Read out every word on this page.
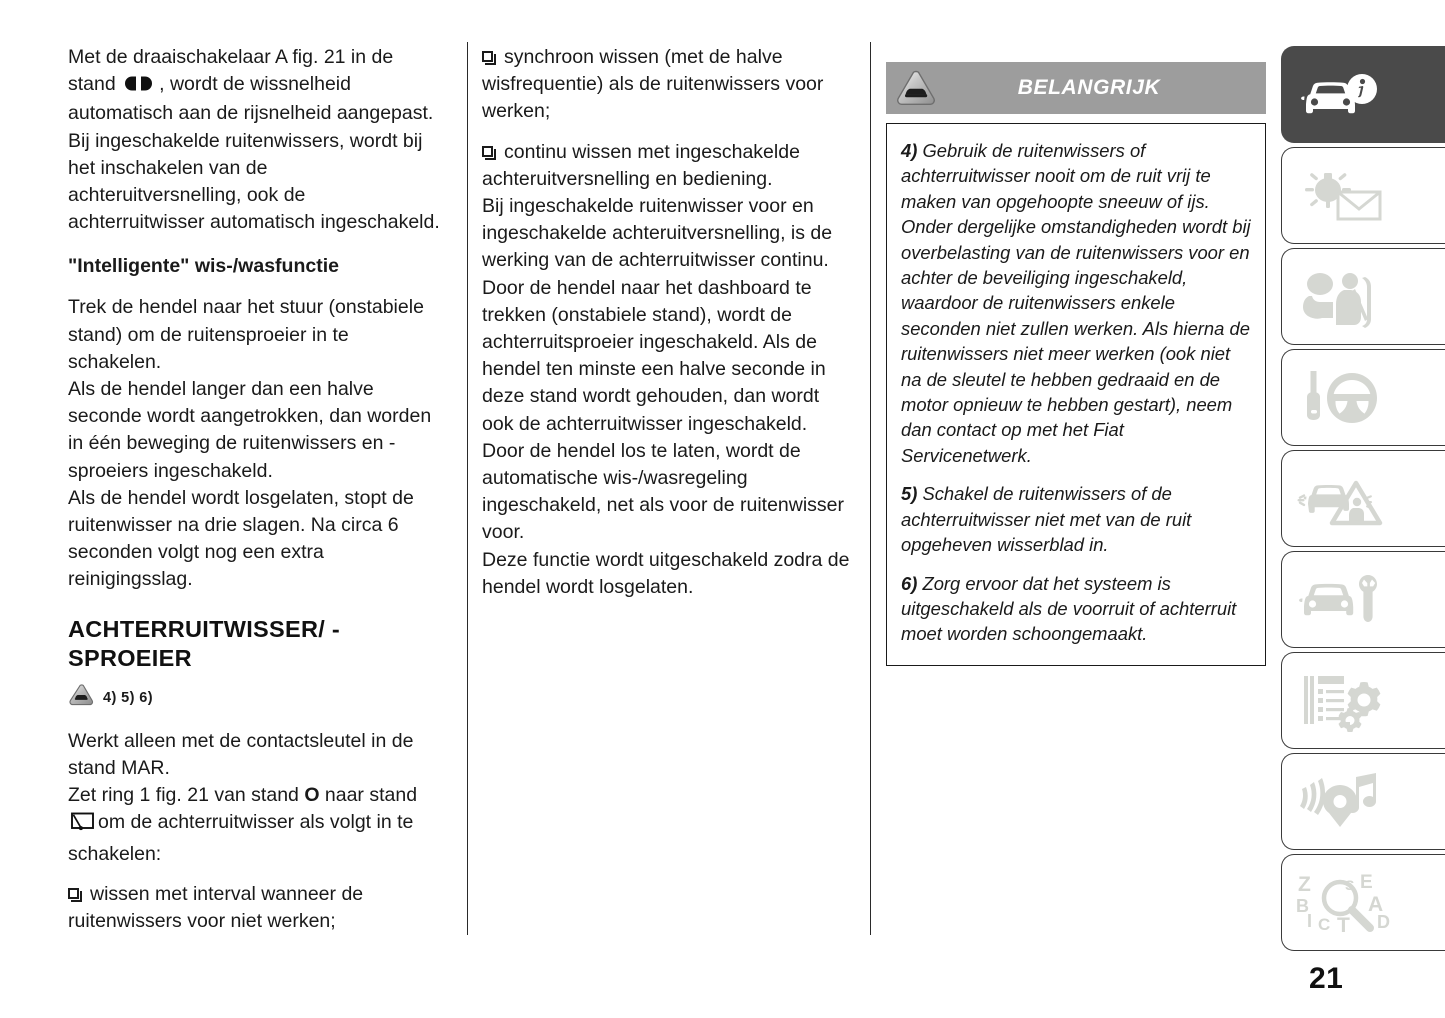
Met de draaischakelaar A fig. 21 in de stand , wordt de wissnelheid automatisch aan de rijsnelheid aangepast.

Bij ingeschakelde ruitenwissers, wordt bij het inschakelen van de achteruitversnelling, ook de achterruitwisser automatisch ingeschakeld.

"Intelligente" wis-/wasfunctie

Trek de hendel naar het stuur (onstabiele stand) om de ruitensproeier in te schakelen.

Als de hendel langer dan een halve seconde wordt aangetrokken, dan worden in één beweging de ruitenwissers en -sproeiers ingeschakeld.

Als de hendel wordt losgelaten, stopt de ruitenwisser na drie slagen. Na circa 6 seconden volgt nog een extra reinigingsslag.

ACHTERRUITWISSER/ -SPROEIER
4) 5) 6)

Werkt alleen met de contactsleutel in de stand MAR.

Zet ring 1 fig. 21 van stand O naar stand om de achterruitwisser als volgt in te schakelen:

wissen met interval wanneer de ruitenwissers voor niet werken;
synchroon wissen (met de halve wisfrequentie) als de ruitenwissers voor werken;
continu wissen met ingeschakelde achteruitversnelling en bediening.

Bij ingeschakelde ruitenwisser voor en ingeschakelde achteruitversnelling, is de werking van de achterruitwisser continu.

Door de hendel naar het dashboard te trekken (onstabiele stand), wordt de achterruitsproeier ingeschakeld. Als de hendel ten minste een halve seconde in deze stand wordt gehouden, dan wordt ook de achterruitwisser ingeschakeld. Door de hendel los te laten, wordt de automatische wis-/wasregeling ingeschakeld, net als voor de ruitenwisser voor.

Deze functie wordt uitgeschakeld zodra de hendel wordt losgelaten.

BELANGRIJK

4) Gebruik de ruitenwissers of achterruitwisser nooit om de ruit vrij te maken van opgehoopte sneeuw of ijs. Onder dergelijke omstandigheden wordt bij overbelasting van de ruitenwissers voor en achter de beveiliging ingeschakeld, waardoor de ruitenwissers enkele seconden niet zullen werken. Als hierna de ruitenwissers niet meer werken (ook niet na de sleutel te hebben gedraaid en de motor opnieuw te hebben gestart), neem dan contact op met het Fiat Servicenetwerk.

5) Schakel de ruitenwissers of de achterruitwisser niet met van de ruit opgeheven wisserblad in.

6) Zorg ervoor dat het systeem is uitgeschakeld als de voorruit of achterruit moet worden schoongemaakt.

Z
B
I C T
S E
A
D
21
